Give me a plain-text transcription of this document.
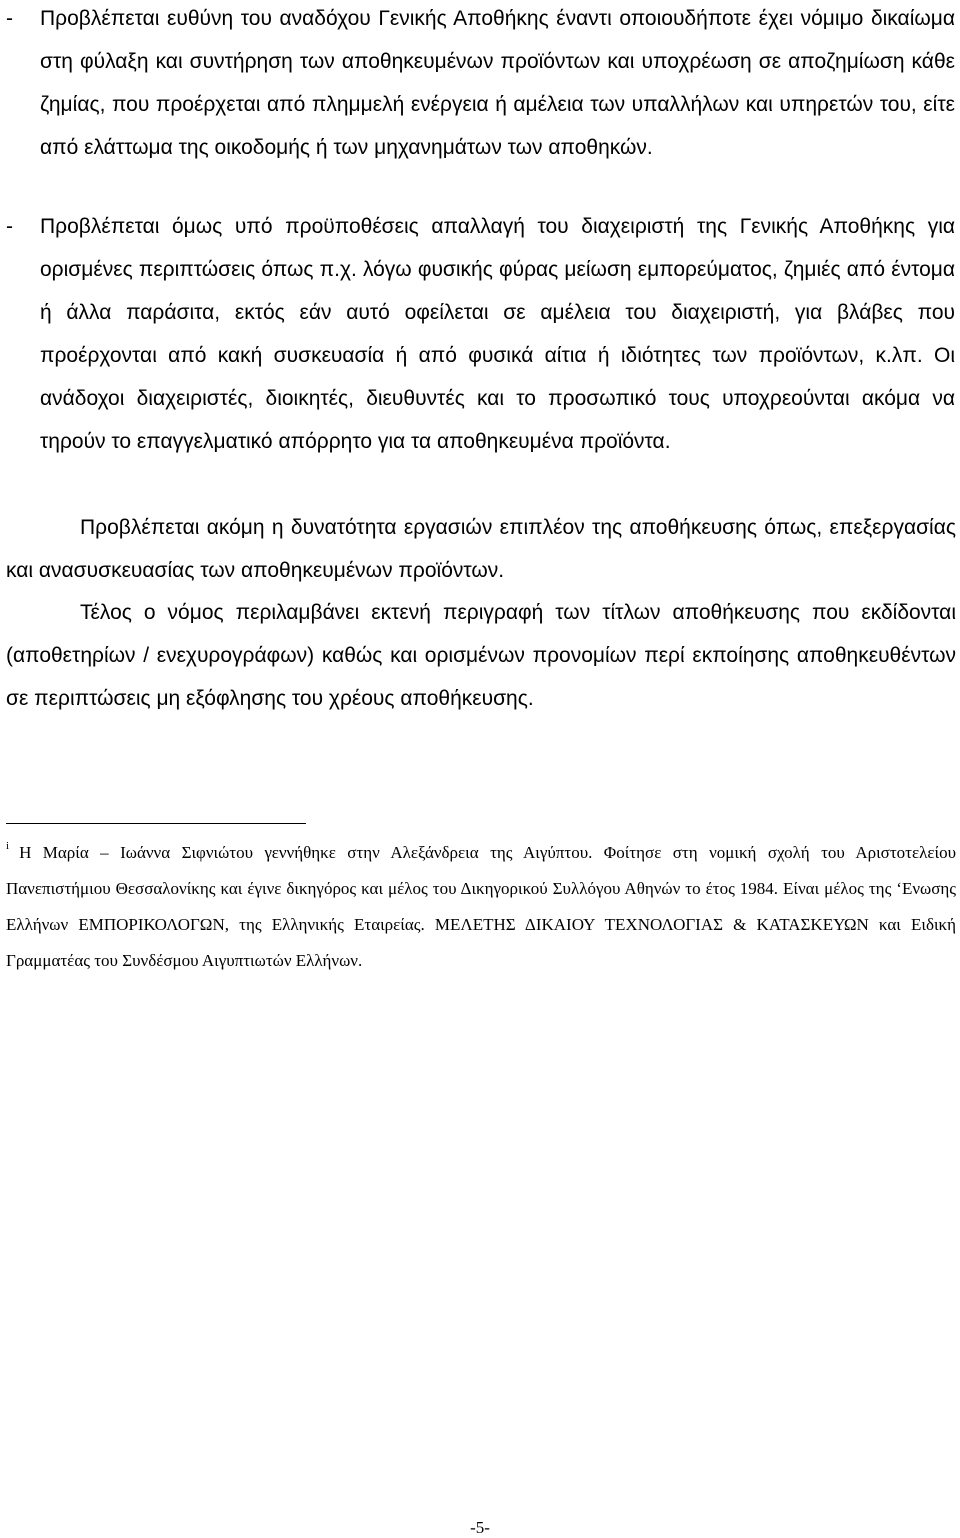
- Προβλέπεται ευθύνη του αναδόχου Γενικής Αποθήκης έναντι οποιουδήποτε έχει νόμιμο δικαίωμα στη φύλαξη και συντήρηση των αποθηκευμένων προϊόντων και υποχρέωση σε αποζημίωση κάθε ζημίας, που προέρχεται από πλημμελή ενέργεια ή αμέλεια των υπαλλήλων και υπηρετών του, είτε από ελάττωμα της οικοδομής ή των μηχανημάτων των αποθηκών.
- Προβλέπεται όμως υπό προϋποθέσεις απαλλαγή του διαχειριστή της Γενικής Αποθήκης για ορισμένες περιπτώσεις όπως π.χ. λόγω φυσικής φύρας μείωση εμπορεύματος, ζημιές από έντομα ή άλλα παράσιτα, εκτός εάν αυτό οφείλεται σε αμέλεια του διαχειριστή, για βλάβες που προέρχονται από κακή συσκευασία ή από φυσικά αίτια ή ιδιότητες των προϊόντων, κ.λπ. Οι ανάδοχοι διαχειριστές, διοικητές, διευθυντές και το προσωπικό τους υποχρεούνται ακόμα να τηρούν το επαγγελματικό απόρρητο για τα αποθηκευμένα προϊόντα.

Προβλέπεται ακόμη η δυνατότητα εργασιών επιπλέον της αποθήκευσης όπως, επεξεργασίας και ανασυσκευασίας των αποθηκευμένων προϊόντων.

Τέλος ο νόμος περιλαμβάνει εκτενή περιγραφή των τίτλων αποθήκευσης που εκδίδονται (αποθετηρίων / ενεχυρογράφων) καθώς και ορισμένων προνομίων περί εκποίησης αποθηκευθέντων σε περιπτώσεις μη εξόφλησης του χρέους αποθήκευσης.

$^i$ Η Μαρία – Ιωάννα Σιφνιώτου γεννήθηκε στην Αλεξάνδρεια της Αιγύπτου. Φοίτησε στη νομική σχολή του Αριστοτελείου Πανεπιστήμιου Θεσσαλονίκης και έγινε δικηγόρος και μέλος του Δικηγορικού Συλλόγου Αθηνών το έτος 1984. Είναι μέλος της ‘Ενωσης Ελλήνων ΕΜΠΟΡΙΚΟΛΟΓΩΝ, της Ελληνικής Εταιρείας. ΜΕΛΕΤΗΣ ΔΙΚΑΙΟΥ ΤΕΧΝΟΛΟΓΙΑΣ & ΚΑΤΑΣΚΕΥΩΝ και Ειδική Γραμματέας του Συνδέσμου Αιγυπτιωτών Ελλήνων.
-5-
